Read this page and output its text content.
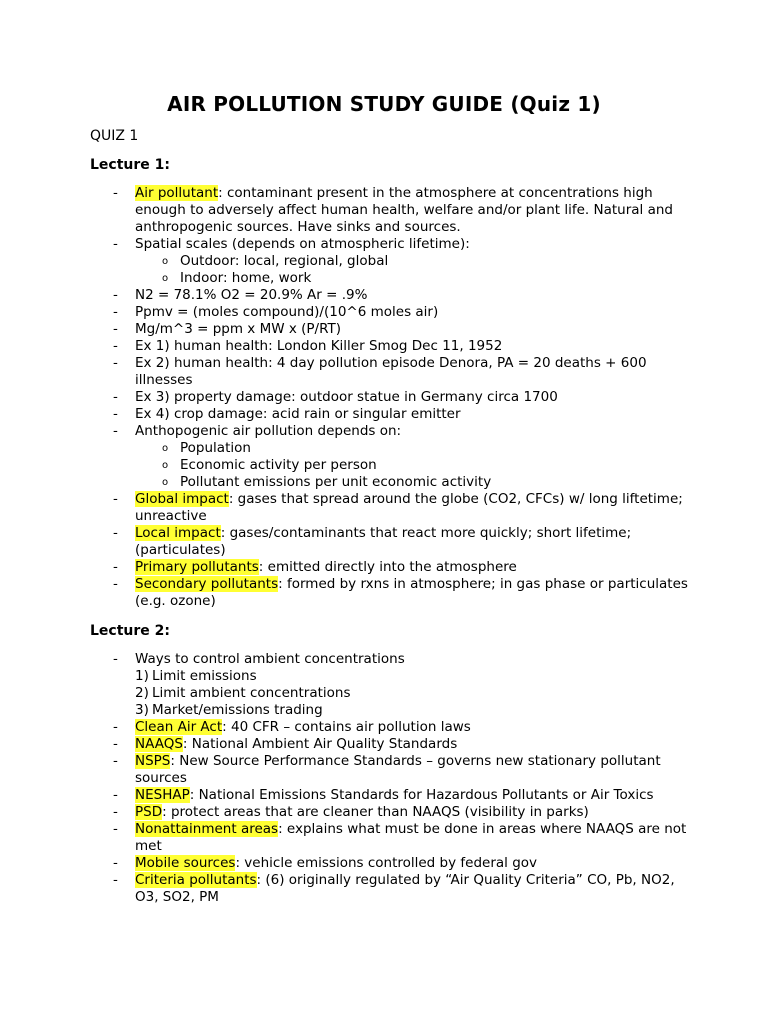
AIR POLLUTION STUDY GUIDE (Quiz 1)
QUIZ 1
Lecture 1:
- Air pollutant: contaminant present in the atmosphere at concentrations high enough to adversely affect human health, welfare and/or plant life. Natural and anthropogenic sources. Have sinks and sources.
- Spatial scales (depends on atmospheric lifetime):
o Outdoor: local, regional, global
o Indoor: home, work
- N2 = 78.1% O2 = 20.9% Ar = .9%
- Ppmv = (moles compound)/(10^6 moles air)
- Mg/m^3 = ppm x MW x (P/RT)
- Ex 1) human health: London Killer Smog Dec 11, 1952
- Ex 2) human health: 4 day pollution episode Denora, PA = 20 deaths + 600 illnesses
- Ex 3) property damage: outdoor statue in Germany circa 1700
- Ex 4) crop damage: acid rain or singular emitter
- Anthopogenic air pollution depends on:
o Population
o Economic activity per person
o Pollutant emissions per unit economic activity
- Global impact: gases that spread around the globe (CO2, CFCs) w/ long liftetime; unreactive
- Local impact: gases/contaminants that react more quickly; short lifetime; (particulates)
- Primary pollutants: emitted directly into the atmosphere
- Secondary pollutants: formed by rxns in atmosphere; in gas phase or particulates (e.g. ozone)
Lecture 2:
- Ways to control ambient concentrations
1) Limit emissions
2) Limit ambient concentrations
3) Market/emissions trading
- Clean Air Act: 40 CFR – contains air pollution laws
- NAAQS: National Ambient Air Quality Standards
- NSPS: New Source Performance Standards – governs new stationary pollutant sources
- NESHAP: National Emissions Standards for Hazardous Pollutants or Air Toxics
- PSD: protect areas that are cleaner than NAAQS (visibility in parks)
- Nonattainment areas: explains what must be done in areas where NAAQS are not met
- Mobile sources: vehicle emissions controlled by federal gov
- Criteria pollutants: (6) originally regulated by “Air Quality Criteria” CO, Pb, NO2, O3, SO2, PM
